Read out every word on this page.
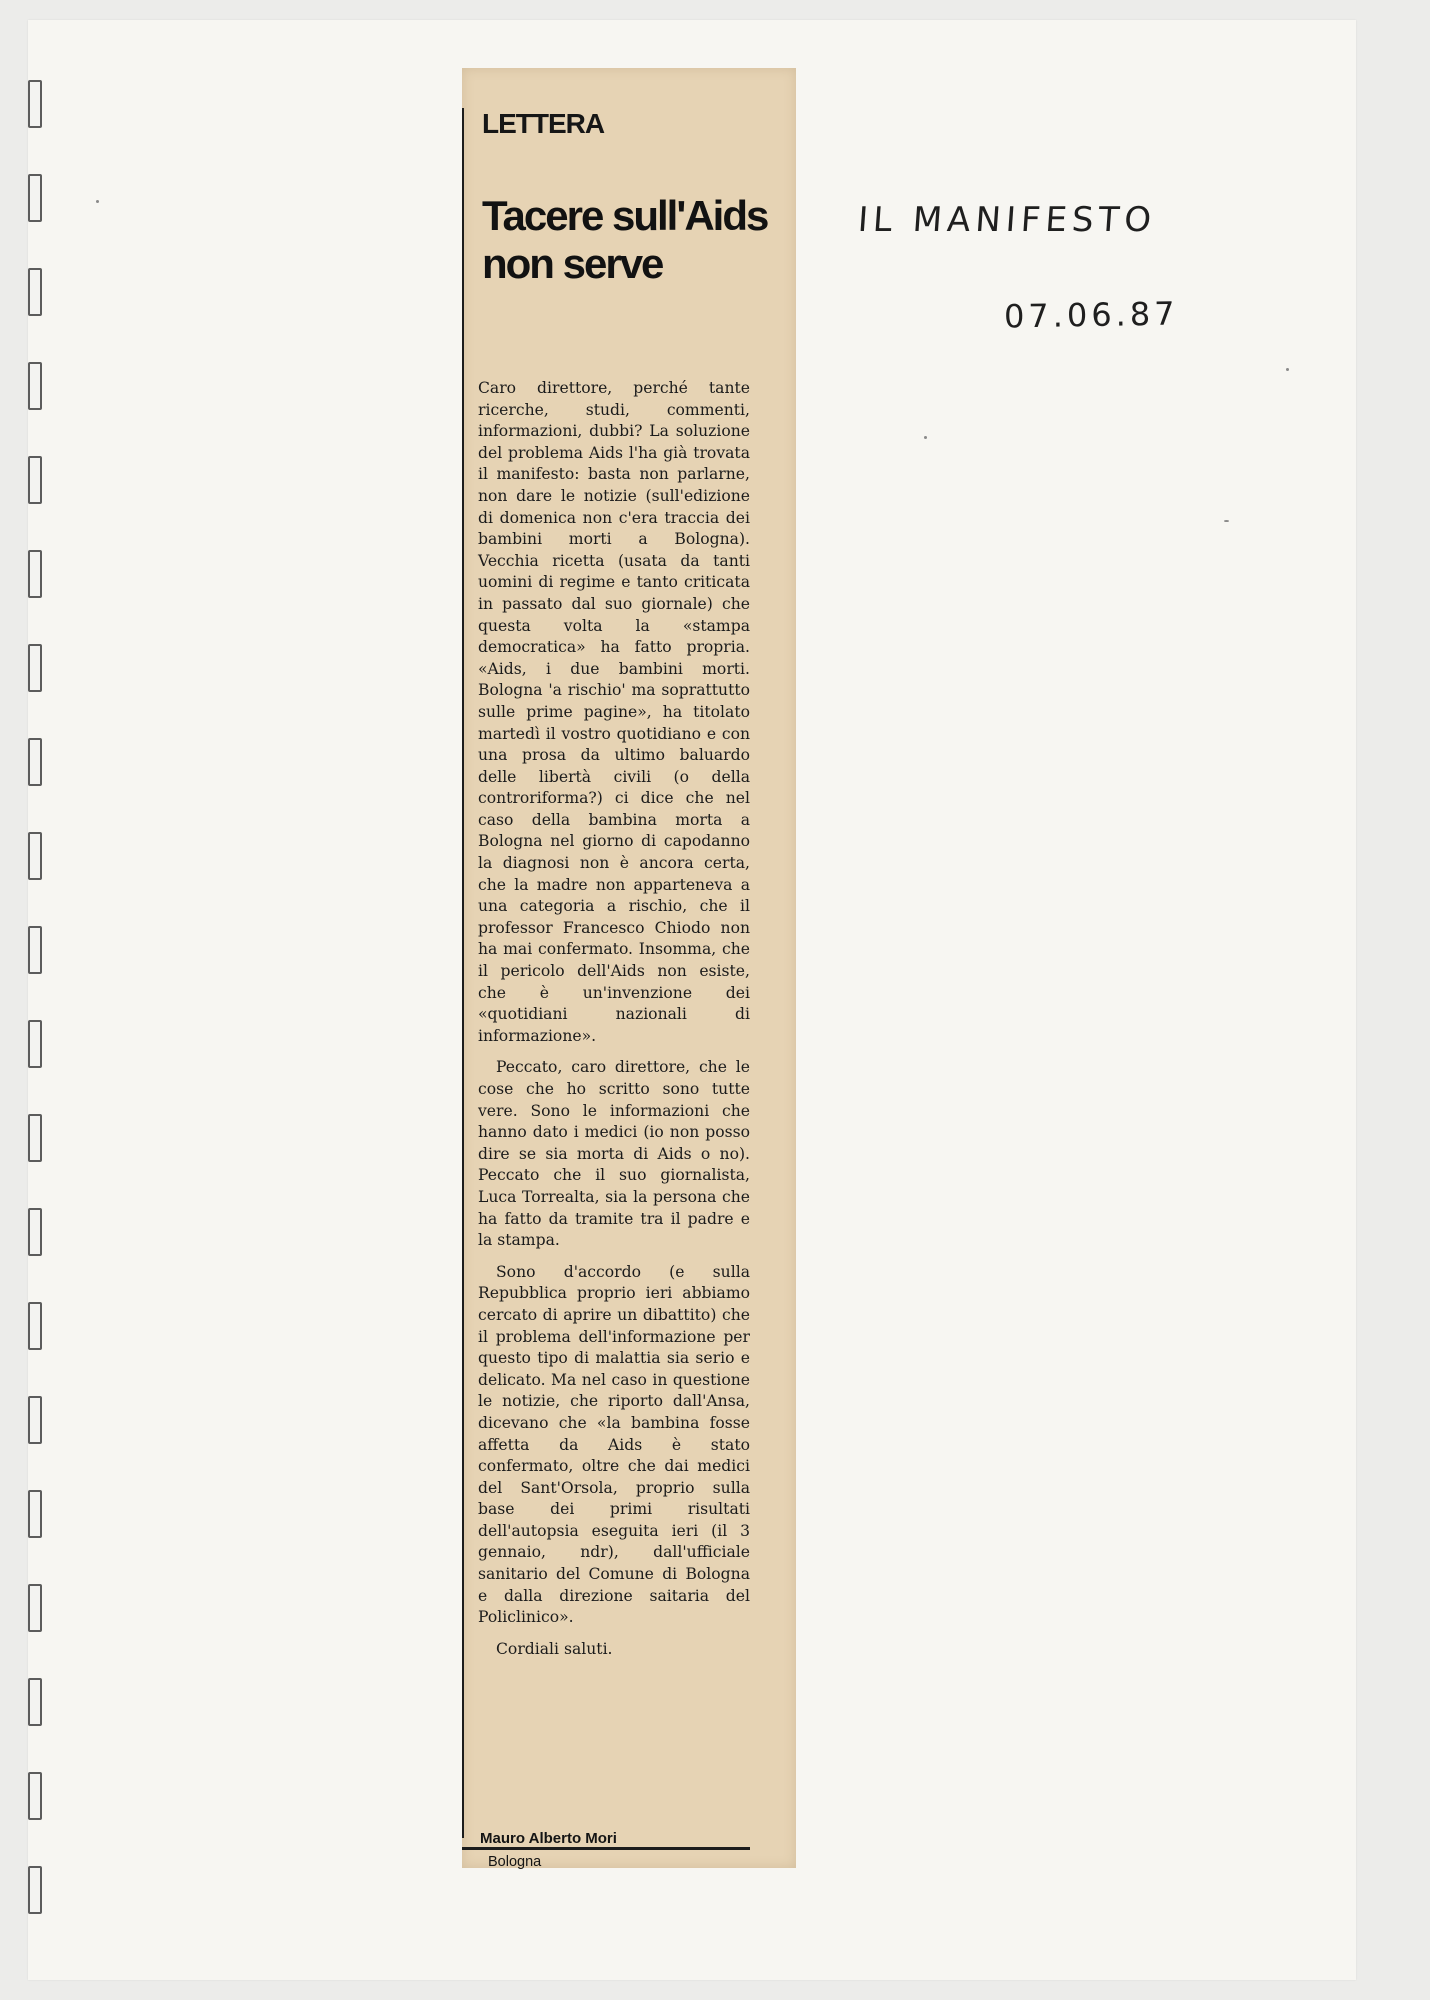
LETTERA
Tacere sull'Aids non serve

Caro direttore, perché tante ricerche, studi, commenti, informazioni, dubbi? La soluzione del problema Aids l'ha già trovata il manifesto: basta non parlarne, non dare le notizie (sull'edizione di domenica non c'era traccia dei bambini morti a Bologna). Vecchia ricetta (usata da tanti uomini di regime e tanto criticata in passato dal suo giornale) che questa volta la «stampa democratica» ha fatto propria. «Aids, i due bambini morti. Bologna 'a rischio' ma soprattutto sulle prime pagine», ha titolato martedì il vostro quotidiano e con una prosa da ultimo baluardo delle libertà civili (o della controriforma?) ci dice che nel caso della bambina morta a Bologna nel giorno di capodanno la diagnosi non è ancora certa, che la madre non apparteneva a una categoria a rischio, che il professor Francesco Chiodo non ha mai confermato. Insomma, che il pericolo dell'Aids non esiste, che è un'invenzione dei «quotidiani nazionali di informazione».

Peccato, caro direttore, che le cose che ho scritto sono tutte vere. Sono le informazioni che hanno dato i medici (io non posso dire se sia morta di Aids o no). Peccato che il suo giornalista, Luca Torrealta, sia la persona che ha fatto da tramite tra il padre e la stampa.

Sono d'accordo (e sulla Repubblica proprio ieri abbiamo cercato di aprire un dibattito) che il problema dell'informazione per questo tipo di malattia sia serio e delicato. Ma nel caso in questione le notizie, che riporto dall'Ansa, dicevano che «la bambina fosse affetta da Aids è stato confermato, oltre che dai medici del Sant'Orsola, proprio sulla base dei primi risultati dell'autopsia eseguita ieri (il 3 gennaio, ndr), dall'ufficiale sanitario del Comune di Bologna e dalla direzione saitaria del Policlinico».

Cordiali saluti.

Mauro Alberto Mori
Bologna
IL MANIFESTO
07.06.87
